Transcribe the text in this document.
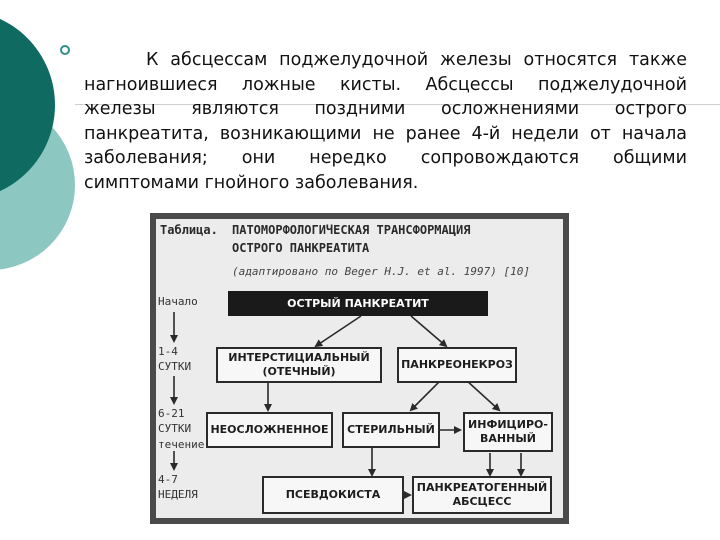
К абсцессам поджелудочной железы относятся также нагноившиеся ложные кисты. Абсцессы поджелудочной железы являются поздними осложнениями острого панкреатита, возникающими не ранее 4-й недели от начала заболевания; они нередко сопровождаются общими симптомами гнойного заболевания.
Таблица. ПАТОМОРФОЛОГИЧЕСКАЯ ТРАНСФОРМАЦИЯ
ОСТРОГО ПАНКРЕАТИТА
(адаптировано по Beger H.J. et al. 1997) [10]
Начало
1-4
СУТКИ
6-21
СУТКИ
течение
4-7
НЕДЕЛЯ
ОСТРЫЙ ПАНКРЕАТИТ
ИНТЕРСТИЦИАЛЬНЫЙ
(ОТЕЧНЫЙ)
ПАНКРЕОНЕКРОЗ
НЕОСЛОЖНЕННОЕ	СТЕРИЛЬНЫЙ	ИНФИЦИРО-
ВАННЫЙ
ПСЕВДОКИСТА
ПАНКРЕАТОГЕННЫЙ
АБСЦЕСС
